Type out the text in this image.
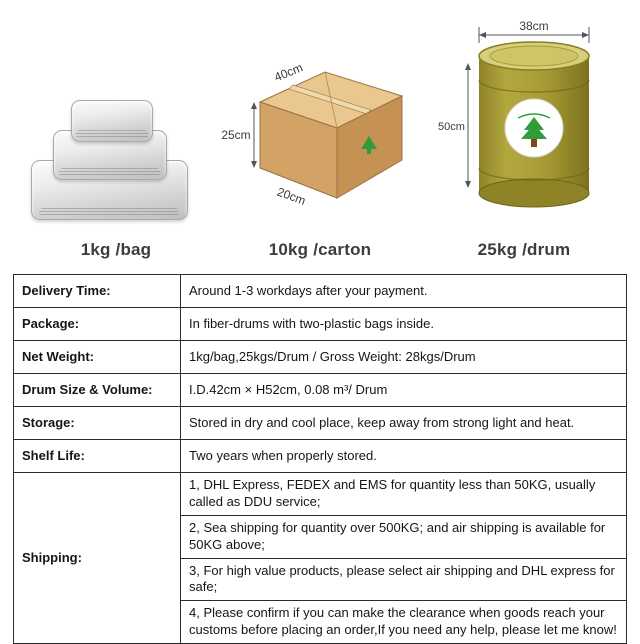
1kg /bag
25cm
40cm
20cm
10kg /carton
38cm
50cm
25kg /drum
Delivery Time:	Around 1-3 workdays after your payment.
Package:	In fiber-drums with two-plastic bags inside.
Net Weight:	1kg/bag,25kgs/Drum / Gross Weight: 28kgs/Drum
Drum Size & Volume:	I.D.42cm × H52cm, 0.08 m³/ Drum
Storage:	Stored in dry and cool place, keep away from strong light and heat.
Shelf Life:	Two years when properly stored.
Shipping:	1, DHL Express, FEDEX and EMS for quantity less than 50KG, usually called as DDU service;
	2, Sea shipping for quantity over 500KG; and air shipping is available for 50KG above;
	3, For high value products, please select air shipping and DHL express for safe;
	4, Please confirm if you can make the clearance when goods reach your customs before placing an order,If you need any help, please let me know!
